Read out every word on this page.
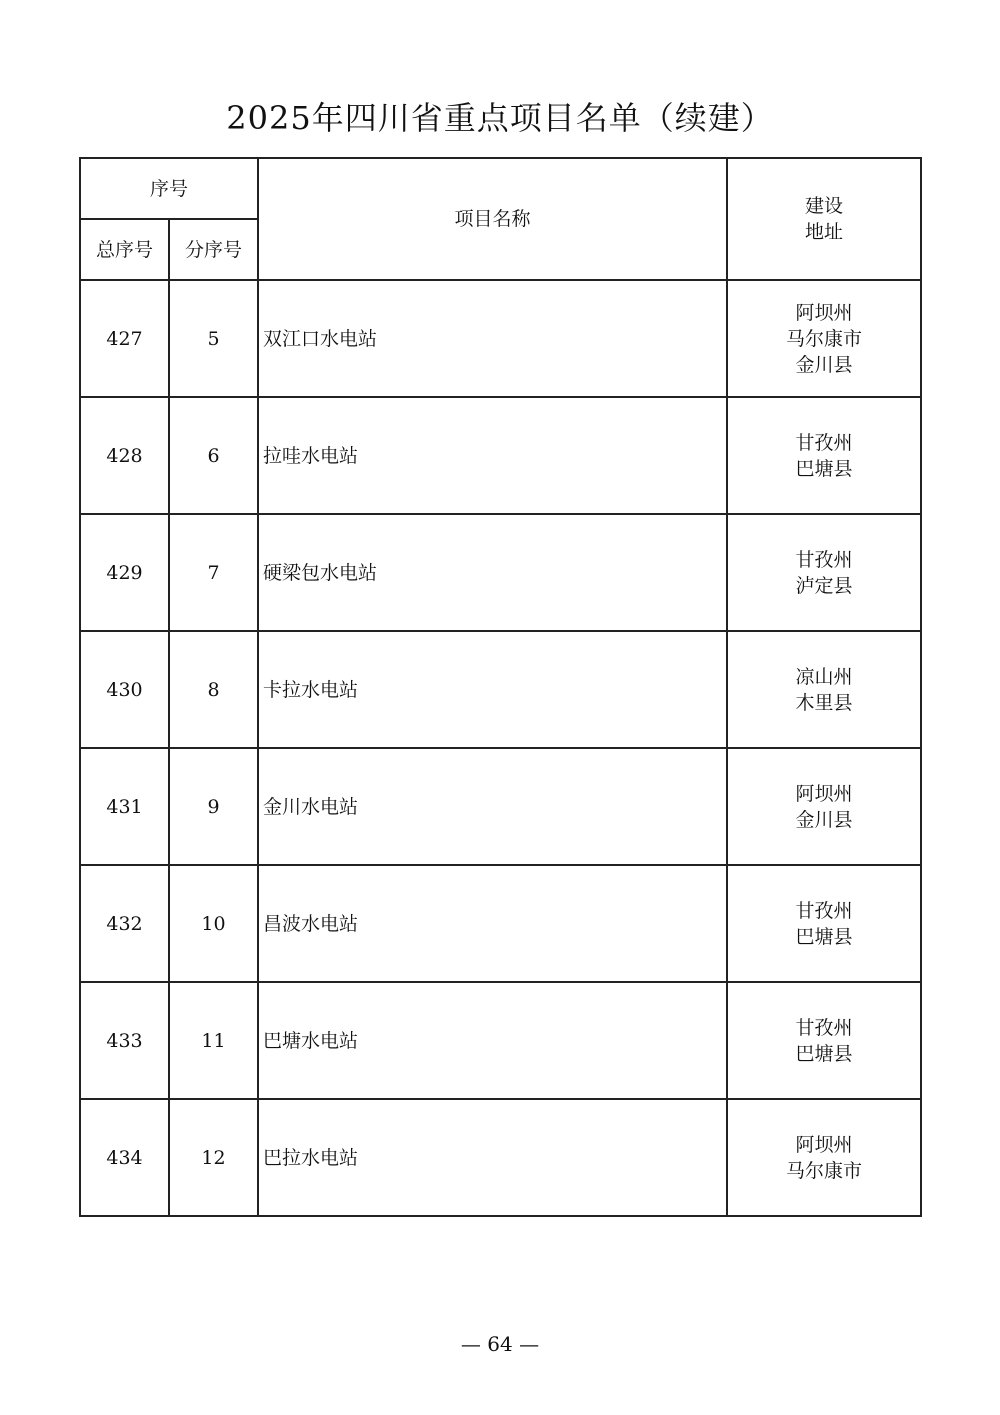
2025年四川省重点项目名单（续建）
序号		项目名称	建设
地址

总序号	分序号		
427	5	双江口水电站	阿坝州
马尔康市
金川县

428	6	拉哇水电站	甘孜州
巴塘县

429	7	硬梁包水电站	甘孜州
泸定县

430	8	卡拉水电站	凉山州
木里县

431	9	金川水电站	阿坝州
金川县

432	10	昌波水电站	甘孜州
巴塘县

433	11	巴塘水电站	甘孜州
巴塘县

434	12	巴拉水电站	阿坝州
马尔康市
— 64 —
